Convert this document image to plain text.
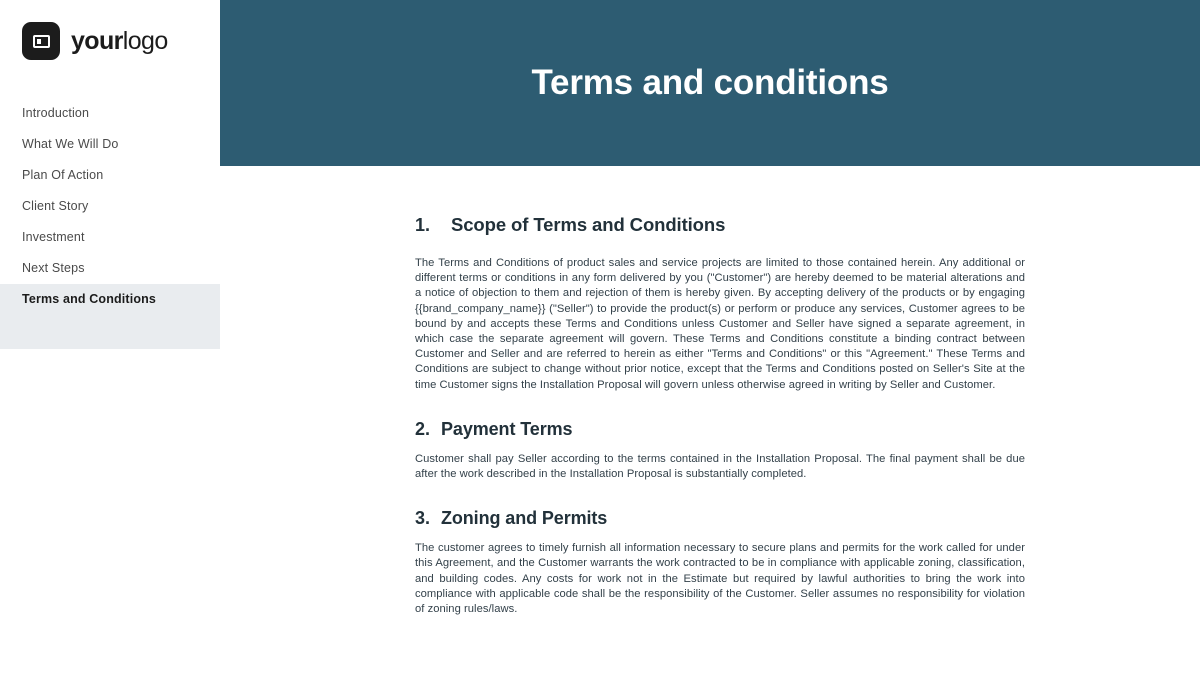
yourlogo
Introduction
What We Will Do
Plan Of Action
Client Story
Investment
Next Steps
Terms and Conditions
Terms and conditions
1.	Scope of Terms and Conditions

The Terms and Conditions of product sales and service projects are limited to those contained herein. Any additional or different terms or conditions in any form delivered by you ("Customer") are hereby deemed to be material alterations and a notice of objection to them and rejection of them is hereby given. By accepting delivery of the products or by engaging {{brand_company_name}} ("Seller") to provide the product(s) or perform or produce any services, Customer agrees to be bound by and accepts these Terms and Conditions unless Customer and Seller have signed a separate agreement, in which case the separate agreement will govern. These Terms and Conditions constitute a binding contract between Customer and Seller and are referred to herein as either "Terms and Conditions" or this "Agreement." These Terms and Conditions are subject to change without prior notice, except that the Terms and Conditions posted on Seller's Site at the time Customer signs the Installation Proposal will govern unless otherwise agreed in writing by Seller and Customer.

2. Payment Terms

Customer shall pay Seller according to the terms contained in the Installation Proposal. The final payment shall be due after the work described in the Installation Proposal is substantially completed.

3. Zoning and Permits

The customer agrees to timely furnish all information necessary to secure plans and permits for the work called for under this Agreement, and the Customer warrants the work contracted to be in compliance with applicable zoning, classification, and building codes. Any costs for work not in the Estimate but required by lawful authorities to bring the work into compliance with applicable code shall be the responsibility of the Customer. Seller assumes no responsibility for violation of zoning rules/laws.
